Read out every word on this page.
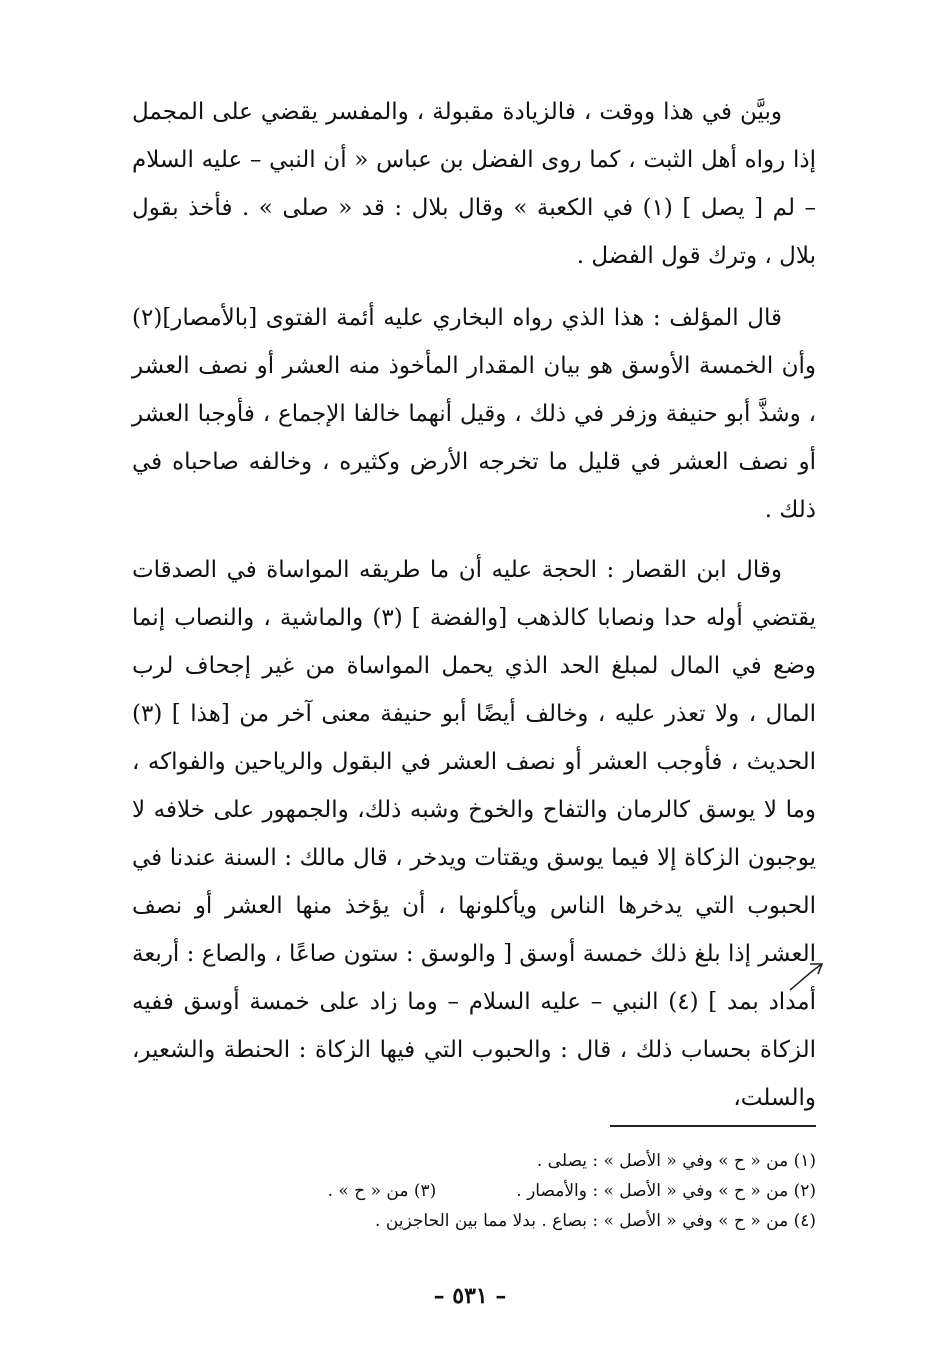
وبيَّن في هذا ووقت ، فالزيادة مقبولة ، والمفسر يقضي على المجمل إذا رواه أهل الثبت ، كما روى الفضل بن عباس « أن النبي – عليه السلام – لم [ يصل ] (١) في الكعبة » وقال بلال : قد « صلى » . فأخذ بقول بلال ، وترك قول الفضل .

قال المؤلف : هذا الذي رواه البخاري عليه أئمة الفتوى [بالأمصار](٢) وأن الخمسة الأوسق هو بيان المقدار المأخوذ منه العشر أو نصف العشر ، وشذَّ أبو حنيفة وزفر في ذلك ، وقيل أنهما خالفا الإجماع ، فأوجبا العشر أو نصف العشر في قليل ما تخرجه الأرض وكثيره ، وخالفه صاحباه في ذلك .

وقال ابن القصار : الحجة عليه أن ما طريقه المواساة في الصدقات يقتضي أوله حدا ونصابا كالذهب [والفضة ] (٣) والماشية ، والنصاب إنما وضع في المال لمبلغ الحد الذي يحمل المواساة من غير إجحاف لرب المال ، ولا تعذر عليه ، وخالف أيضًا أبو حنيفة معنى آخر من [هذا ] (٣) الحديث ، فأوجب العشر أو نصف العشر في البقول والرياحين والفواكه ، وما لا يوسق كالرمان والتفاح والخوخ وشبه ذلك، والجمهور على خلافه لا يوجبون الزكاة إلا فيما يوسق ويقتات ويدخر ، قال مالك : السنة عندنا في الحبوب التي يدخرها الناس ويأكلونها ، أن يؤخذ منها العشر أو نصف العشر إذا بلغ ذلك خمسة أوسق [ والوسق : ستون صاعًا ، والصاع : أربعة أمداد بمد ] (٤) النبي – عليه السلام – وما زاد على خمسة أوسق ففيه الزكاة بحساب ذلك ، قال : والحبوب التي فيها الزكاة : الحنطة والشعير، والسلت،

(١) من « ح » وفي « الأصل » : يصلى .
(٢) من « ح » وفي « الأصل » : والأمصار .(٣) من « ح » .
(٤) من « ح » وفي « الأصل » : بصاع . بدلا مما بين الحاجزين .
– ٥٣١ –
